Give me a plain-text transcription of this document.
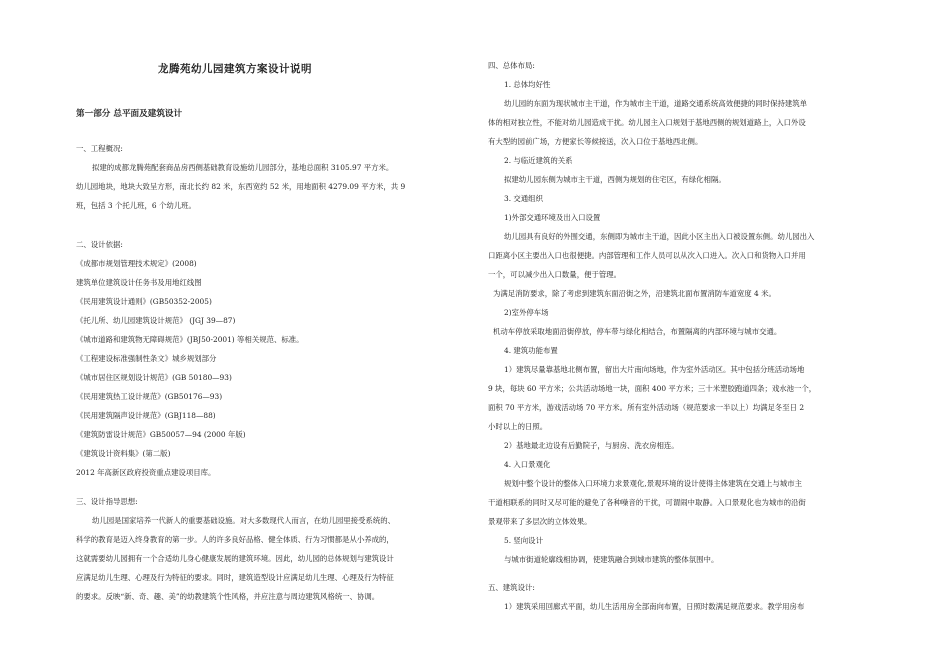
龙腾苑幼儿园建筑方案设计说明
第一部分 总平面及建筑设计
一、工程概况:
拟建的成都龙腾苑配套商品房西侧基础教育设施幼儿园部分，基地总面积 3105.97 平方米。
幼儿园地块，地块大致呈方形，南北长约 82 米，东西宽约 52 米，用地面积 4279.09 平方米，共 9
班，包括 3 个托儿班，6 个幼儿班。
二、设计依据:
《成都市规划管理技术规定》(2008)
建筑单位建筑设计任务书及用地红线图
《民用建筑设计通则》(GB50352-2005)
《托儿所、幼儿园建筑设计规范》 (JGJ 39—87)
《城市道路和建筑物无障碍规范》(JBJ50-2001) 等相关规范、标准。
《工程建设标准强制性条文》城乡规划部分
《城市居住区规划设计规范》(GB 50180—93)
《民用建筑热工设计规范》(GB50176—93)
《民用建筑隔声设计规范》(GBJ118—88)
《建筑防雷设计规范》GB50057—94 (2000 年版)
《建筑设计资料集》(第二版)
2012 年高新区政府投资重点建设项目库。
三、设计指导思想:
幼儿园是国家培养一代新人的重要基础设施。对大多数现代人而言，在幼儿园里接受系统的、
科学的教育是迈入终身教育的第一步。人的许多良好品格、健全体质、行为习惯都是从小养成的，
这就需要幼儿园拥有一个合适幼儿身心健康发展的建筑环境。因此，幼儿园的总体规划与建筑设计
应满足幼儿生理、心理及行为特征的要求。同时，建筑造型设计应满足幼儿生理、心理及行为特征
的要求。反映“新、奇、趣、美”的幼教建筑个性风格，并应注意与周边建筑风格统一、协调。
四、总体布局:
1. 总体均好性
幼儿园的东面为现状城市主干道，作为城市主干道，道路交通系统高效便捷的同时保持建筑单
体的相对独立性，不能对幼儿园造成干扰。幼儿园主入口规划于基地西侧的规划道路上，入口外设
有大型的园前广场，方便家长等候接送，次入口位于基地西北侧。
2. 与临近建筑的关系
拟建幼儿园东侧为城市主干道，西侧为规划的住宅区，有绿化相隔。
3. 交通组织
1)外部交通环境及出入口设置
幼儿园具有良好的外围交通，东侧即为城市主干道，因此小区主出入口被设置东侧。幼儿园出入
口距离小区主要出入口也很便捷。内部管理和工作人员可以从次入口进入。次入口和货物入口并用
一个，可以减少出入口数量，便于管理。
为满足消防要求，除了考虑到建筑东面沿街之外，沿建筑北面布置消防车道宽度 4 米。
2)室外停车场
机动车停放采取地面沿街停放，停车带与绿化相结合，布置隔离的内部环境与城市交通。
4. 建筑功能布置
1）建筑尽量靠基地北侧布置，留出大片南向场地，作为室外活动区。其中包括分班活动场地
9 块，每块 60 平方米；公共活动场地一块，面积 400 平方米；三十米塑胶跑道四条；戏水池一个，
面积 70 平方米，游戏活动场 70 平方米。所有室外活动场（规范要求一半以上）均满足冬至日 2
小时以上的日照。
2）基地最北边设有后勤院子，与厨房、洗衣房相连。
4. 入口景观化
规划中整个设计的整体入口环境力求景观化,景观环境的设计使得主体建筑在交通上与城市主
干道相联系的同时又尽可能的避免了各种噪音的干扰，可谓闹中取静。入口景观化也为城市的沿街
景观带来了多层次的立体效果。
5. 竖向设计
与城市街道轮廓线相协调，使建筑融合到城市建筑的整体氛围中。
五、建筑设计:
1）建筑采用回廊式平面，幼儿生活用房全部南向布置，日照时数满足规范要求。教学用房布
